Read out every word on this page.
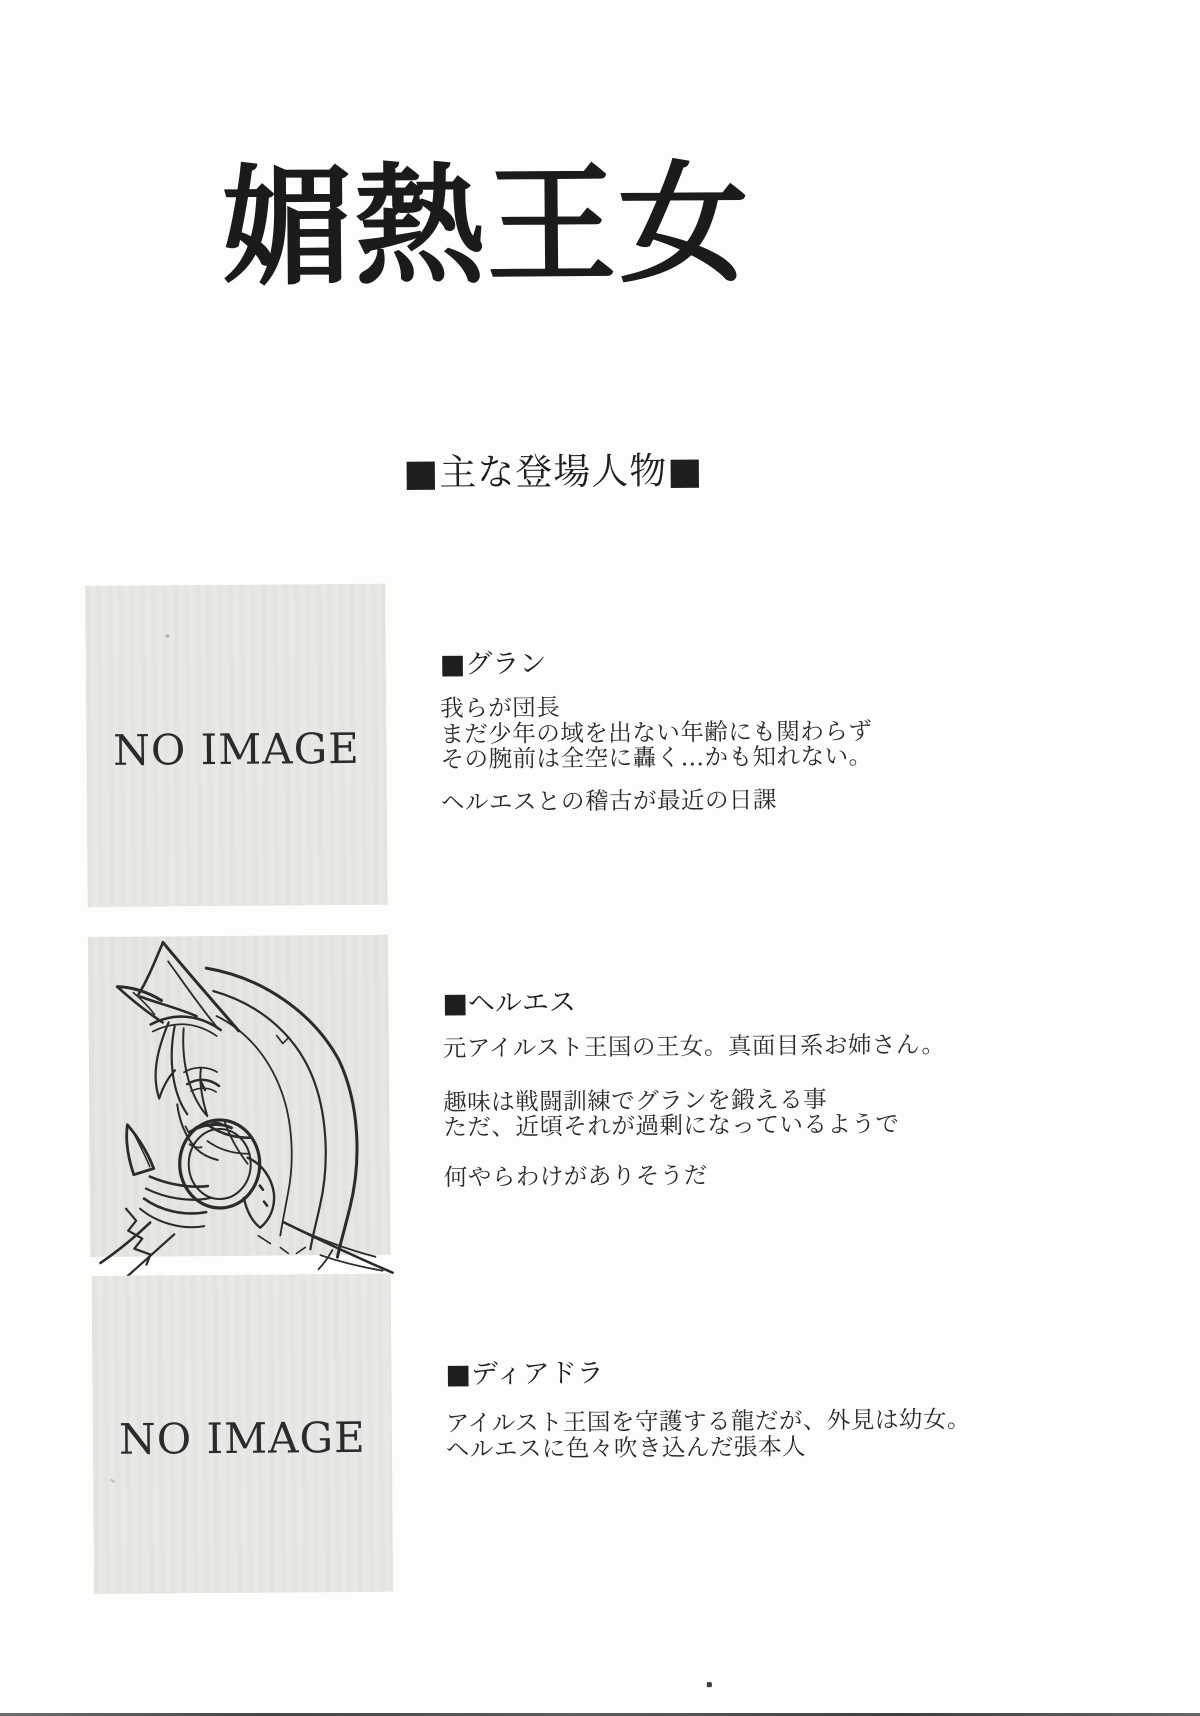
媚熱王女
■主な登場人物■
NO IMAGE
■グラン
我らが団長
まだ少年の域を出ない年齢にも関わらず
その腕前は全空に轟く…かも知れない。
ヘルエスとの稽古が最近の日課
■ヘルエス
元アイルスト王国の王女。真面目系お姉さん。
趣味は戦闘訓練でグランを鍛える事
ただ、近頃それが過剰になっているようで
何やらわけがありそうだ
NO IMAGE
■ディアドラ
アイルスト王国を守護する龍だが、外見は幼女。
ヘルエスに色々吹き込んだ張本人
